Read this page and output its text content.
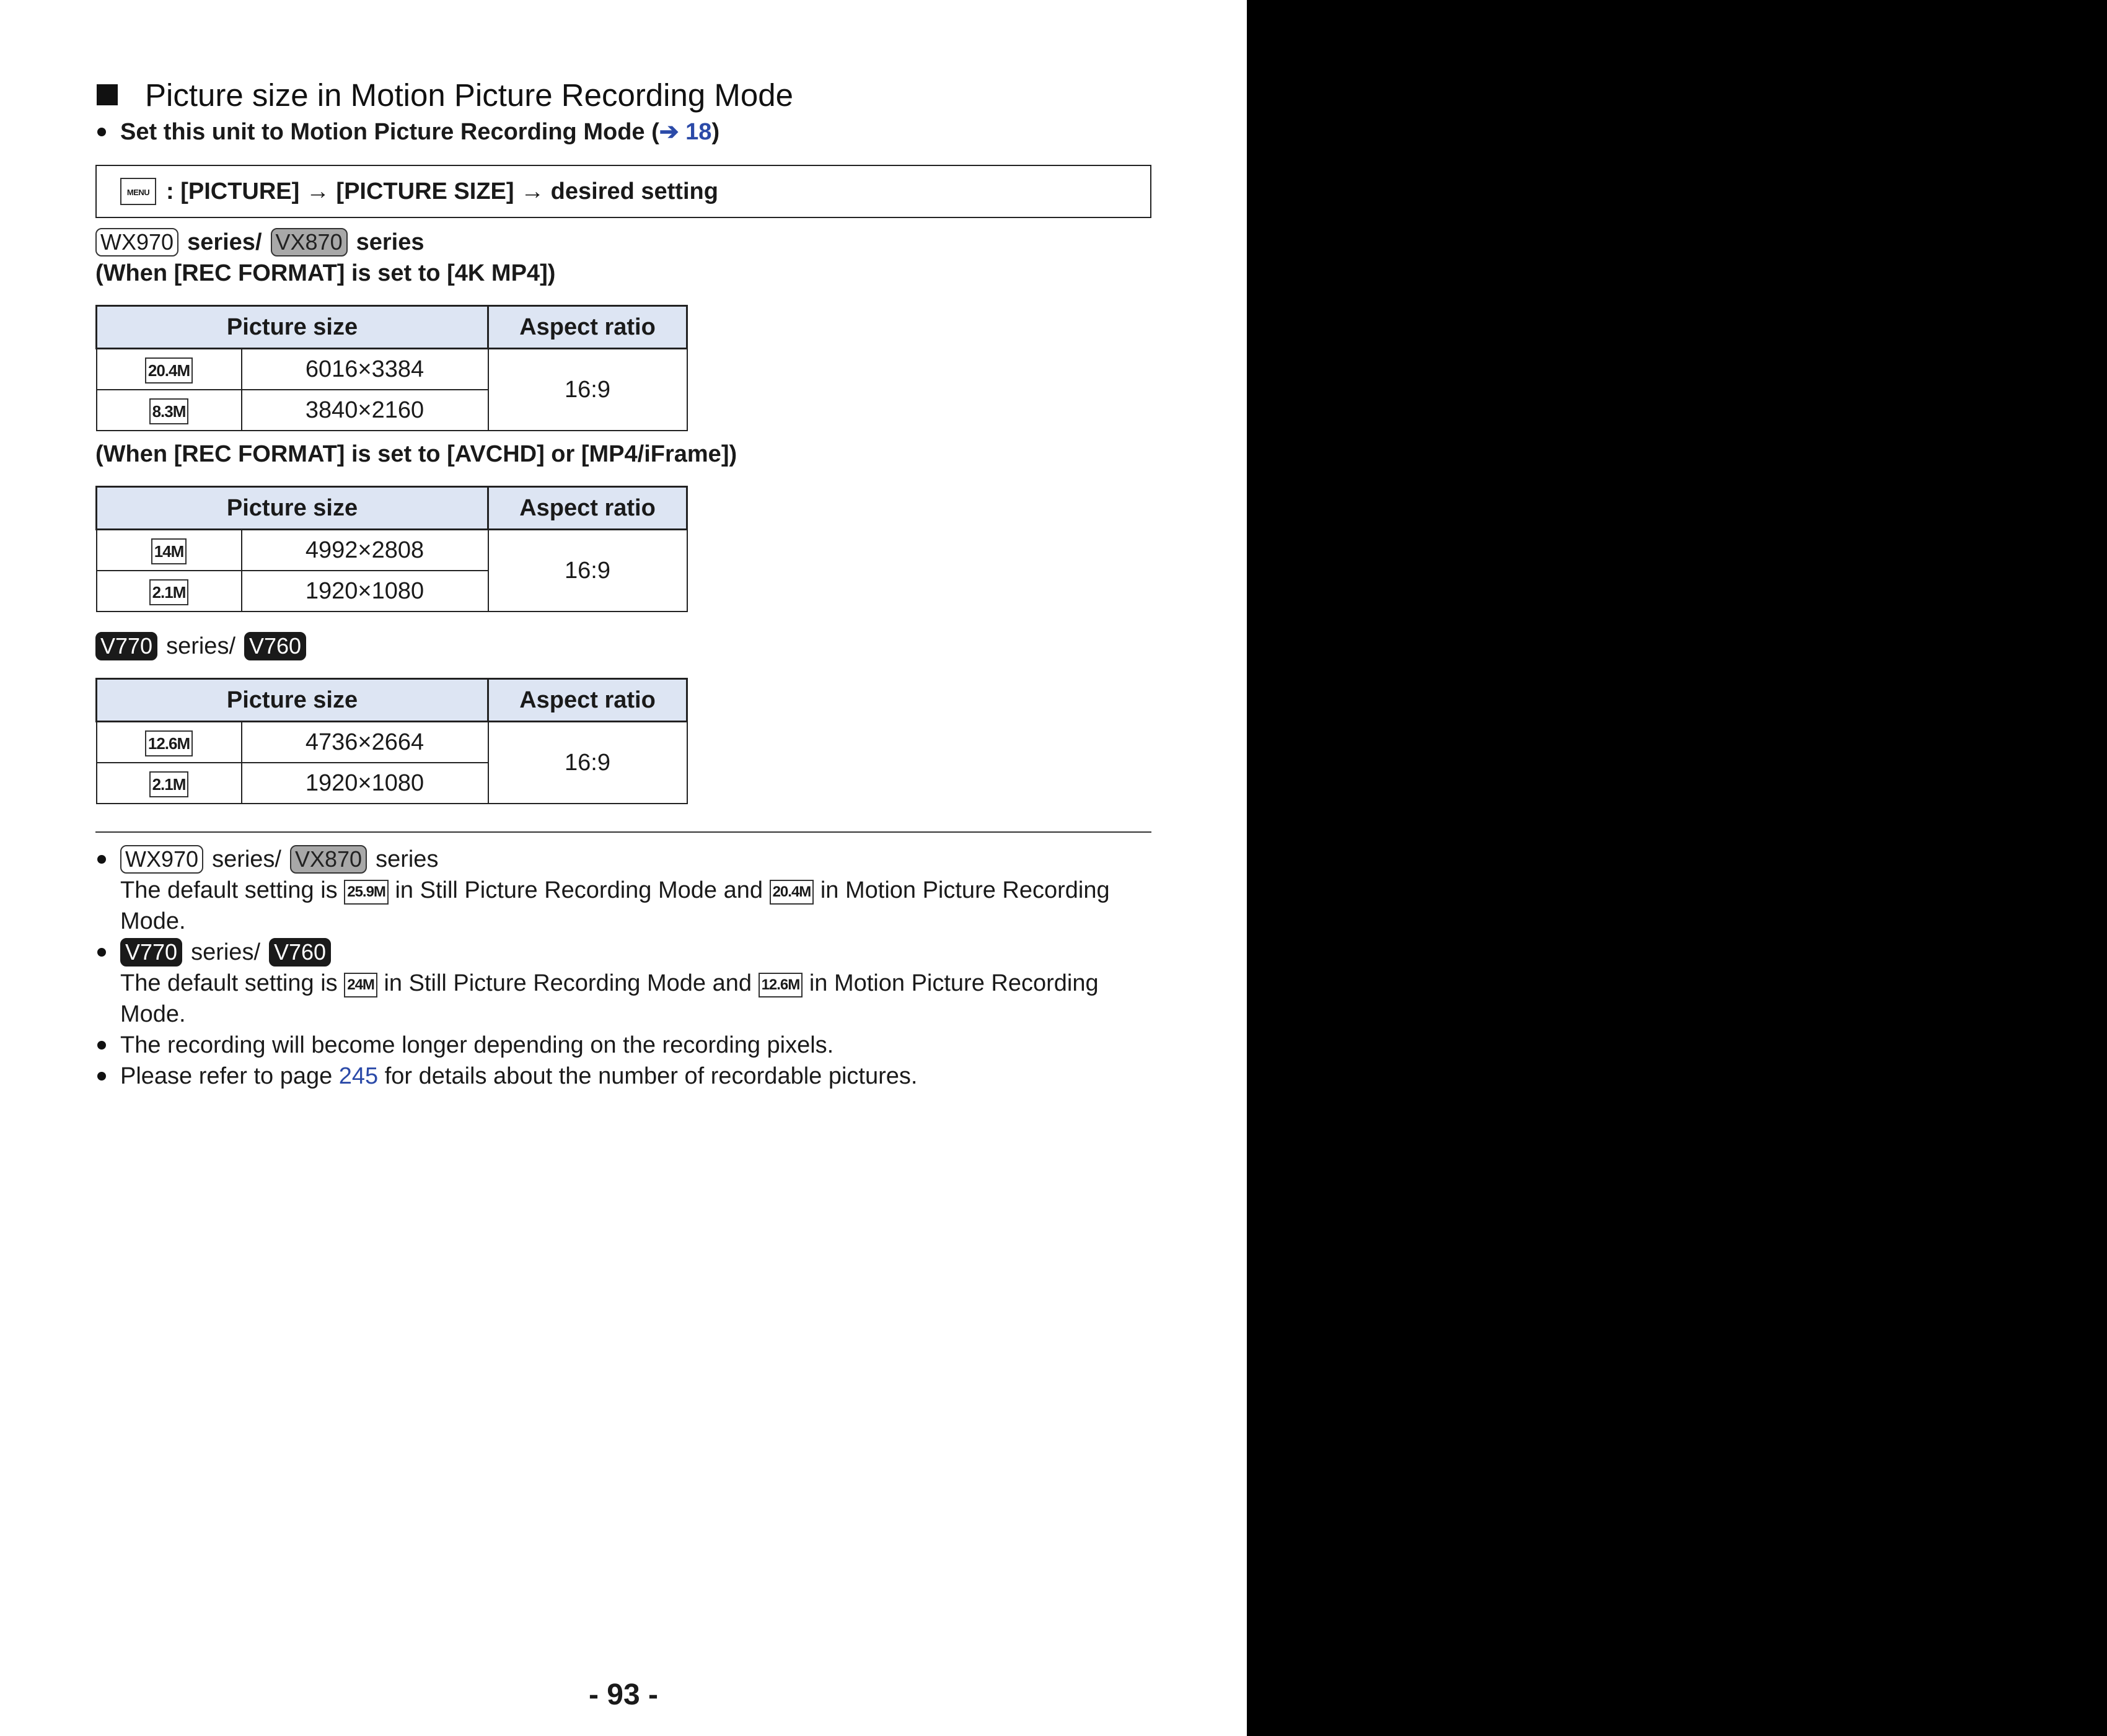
Picture size in Motion Picture Recording Mode
Set this unit to Motion Picture Recording Mode (➔ 18)
MENU : [PICTURE] → [PICTURE SIZE] → desired setting
WX970 series/ VX870 series
(When [REC FORMAT] is set to [4K MP4])
Picture size		Aspect ratio
20.4M	6016×3384	16:9
8.3M	3840×2160	
(When [REC FORMAT] is set to [AVCHD] or [MP4/iFrame])
Picture size		Aspect ratio
14M	4992×2808	16:9
2.1M	1920×1080	
V770 series/ V760
Picture size		Aspect ratio
12.6M	4736×2664	16:9
2.1M	1920×1080	
WX970 series/ VX870 series
The default setting is 25.9M in Still Picture Recording Mode and 20.4M in Motion Picture Recording Mode.
V770 series/ V760
The default setting is 24M in Still Picture Recording Mode and 12.6M in Motion Picture Recording Mode.
The recording will become longer depending on the recording pixels.
Please refer to page 245 for details about the number of recordable pictures.
- 93 -
